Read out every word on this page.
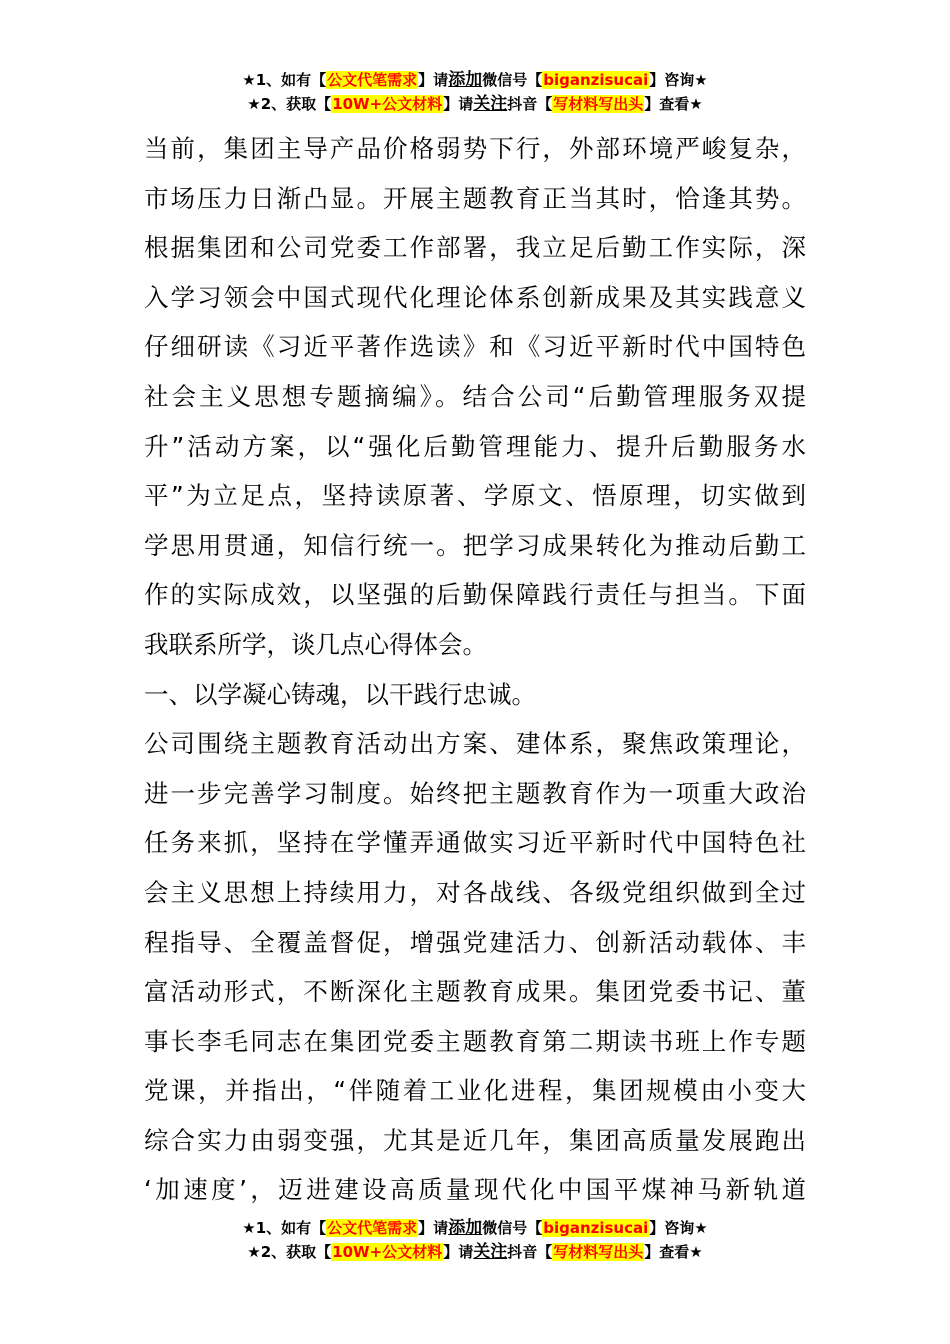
★1、如有【公文代笔需求】请添加微信号【biganzisucai】咨询★
★2、获取【10W+公文材料】请关注抖音【写材料写出头】查看★
当前，集团主导产品价格弱势下行，外部环境严峻复杂，
市场压力日渐凸显。开展主题教育正当其时，恰逢其势。
根据集团和公司党委工作部署，我立足后勤工作实际，深
入学习领会中国式现代化理论体系创新成果及其实践意义
仔细研读《习近平著作选读》和《习近平新时代中国特色
社会主义思想专题摘编》。结合公司“后勤管理服务双提
升”活动方案，以“强化后勤管理能力、提升后勤服务水
平”为立足点，坚持读原著、学原文、悟原理，切实做到
学思用贯通，知信行统一。把学习成果转化为推动后勤工
作的实际成效，以坚强的后勤保障践行责任与担当。下面
我联系所学，谈几点心得体会。
一、以学凝心铸魂，以干践行忠诚。
公司围绕主题教育活动出方案、建体系，聚焦政策理论，
进一步完善学习制度。始终把主题教育作为一项重大政治
任务来抓，坚持在学懂弄通做实习近平新时代中国特色社
会主义思想上持续用力，对各战线、各级党组织做到全过
程指导、全覆盖督促，增强党建活力、创新活动载体、丰
富活动形式，不断深化主题教育成果。集团党委书记、董
事长李毛同志在集团党委主题教育第二期读书班上作专题
党课，并指出，“伴随着工业化进程，集团规模由小变大
综合实力由弱变强，尤其是近几年，集团高质量发展跑出
‘加速度’，迈进建设高质量现代化中国平煤神马新轨道
★1、如有【公文代笔需求】请添加微信号【biganzisucai】咨询★
★2、获取【10W+公文材料】请关注抖音【写材料写出头】查看★
